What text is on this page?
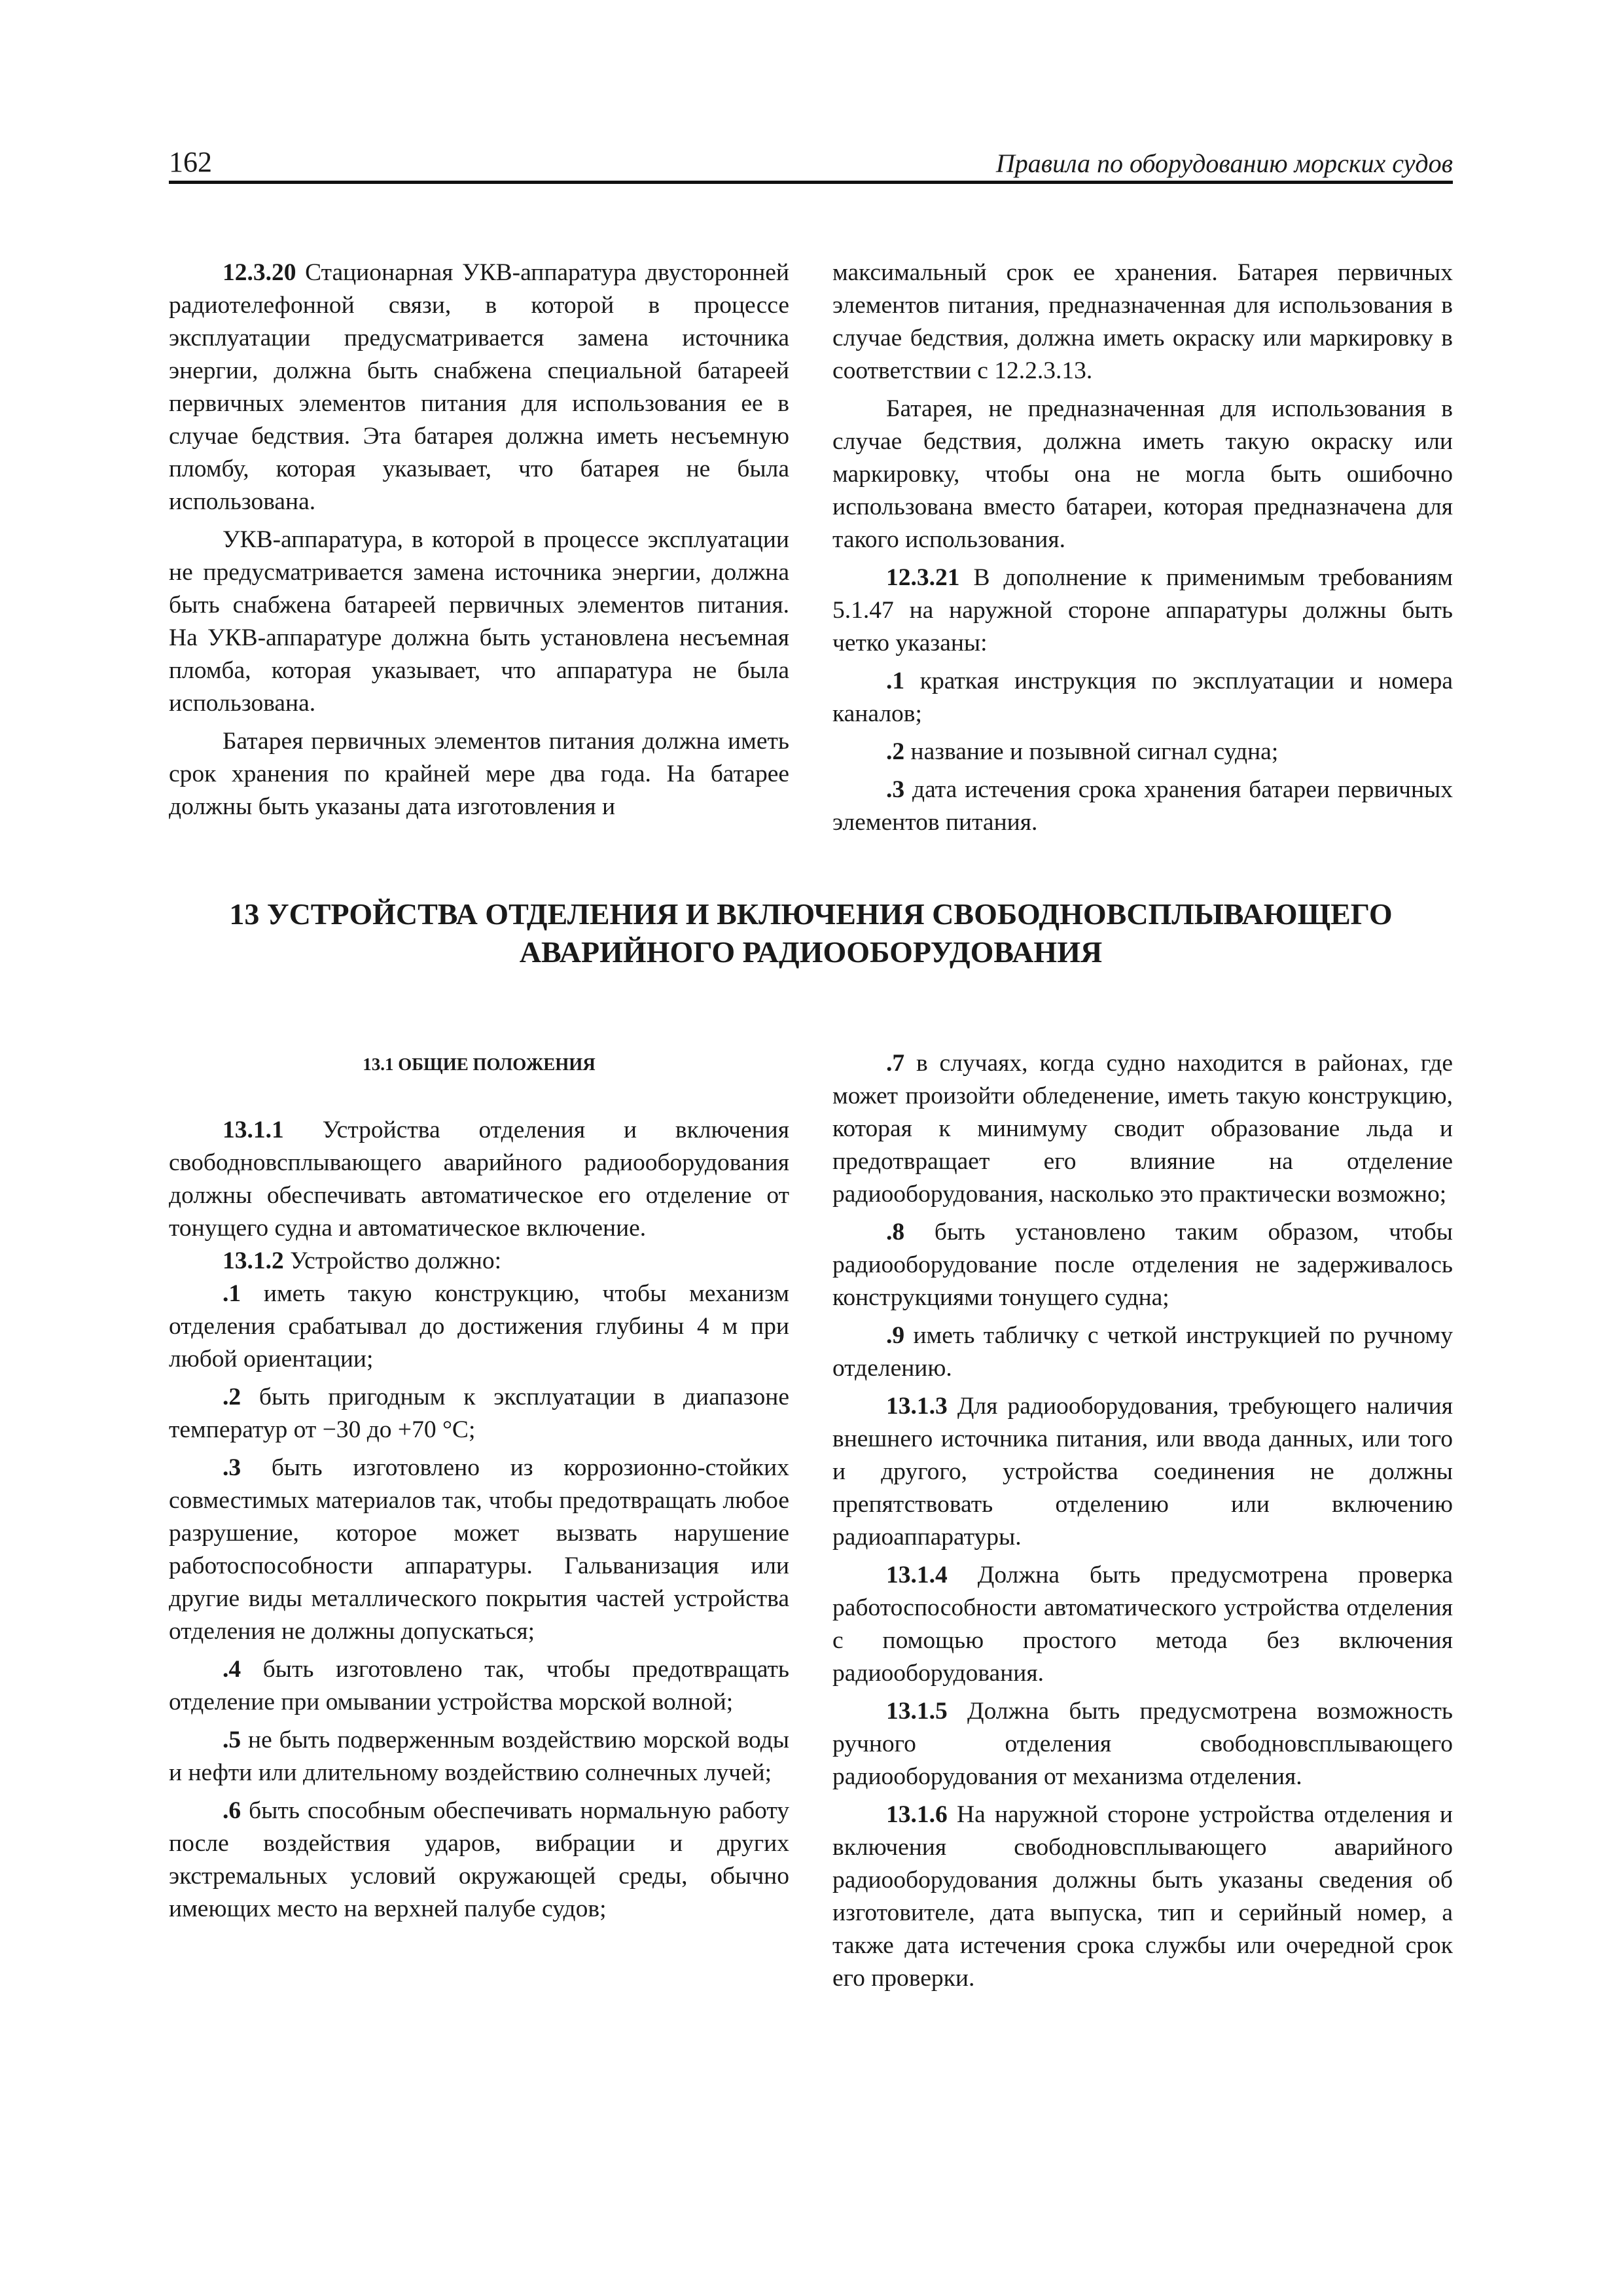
162	Правила по оборудованию морских судов

12.3.20 Стационарная УКВ-аппаратура двусторонней радиотелефонной связи, в которой в процессе эксплуатации предусматривается замена источника энергии, должна быть снабжена специальной батареей первичных элементов питания для использования ее в случае бедствия. Эта батарея должна иметь несъемную пломбу, которая указывает, что батарея не была использована.

УКВ-аппаратура, в которой в процессе эксплуатации не предусматривается замена источника энергии, должна быть снабжена батареей первичных элементов питания. На УКВ-аппаратуре должна быть установлена несъемная пломба, которая указывает, что аппаратура не была использована.

Батарея первичных элементов питания должна иметь срок хранения по крайней мере два года. На батарее должны быть указаны дата изготовления и

максимальный срок ее хранения. Батарея первичных элементов питания, предназначенная для использования в случае бедствия, должна иметь окраску или маркировку в соответствии с 12.2.3.13.

Батарея, не предназначенная для использования в случае бедствия, должна иметь такую окраску или маркировку, чтобы она не могла быть ошибочно использована вместо батареи, которая предназначена для такого использования.

12.3.21 В дополнение к применимым требованиям 5.1.47 на наружной стороне аппаратуры должны быть четко указаны:

.1 краткая инструкция по эксплуатации и номера каналов;

.2 название и позывной сигнал судна;

.3 дата истечения срока хранения батареи первичных элементов питания.

13 УСТРОЙСТВА ОТДЕЛЕНИЯ И ВКЛЮЧЕНИЯ СВОБОДНОВСПЛЫВАЮЩЕГО
АВАРИЙНОГО РАДИООБОРУДОВАНИЯ
13.1 ОБЩИЕ ПОЛОЖЕНИЯ

13.1.1 Устройства отделения и включения свободновсплывающего аварийного радиооборудования должны обеспечивать автоматическое его отделение от тонущего судна и автоматическое включение.

13.1.2 Устройство должно:

.1 иметь такую конструкцию, чтобы механизм отделения срабатывал до достижения глубины 4 м при любой ориентации;

.2 быть пригодным к эксплуатации в диапазоне температур от −30 до +70 °С;

.3 быть изготовлено из коррозионно-стойких совместимых материалов так, чтобы предотвращать любое разрушение, которое может вызвать нарушение работоспособности аппаратуры. Гальванизация или другие виды металлического покрытия частей устройства отделения не должны допускаться;

.4 быть изготовлено так, чтобы предотвращать отделение при омывании устройства морской волной;

.5 не быть подверженным воздействию морской воды и нефти или длительному воздействию солнечных лучей;

.6 быть способным обеспечивать нормальную работу после воздействия ударов, вибрации и других экстремальных условий окружающей среды, обычно имеющих место на верхней палубе судов;

.7 в случаях, когда судно находится в районах, где может произойти обледенение, иметь такую конструкцию, которая к минимуму сводит образование льда и предотвращает его влияние на отделение радиооборудования, насколько это практически возможно;

.8 быть установлено таким образом, чтобы радиооборудование после отделения не задерживалось конструкциями тонущего судна;

.9 иметь табличку с четкой инструкцией по ручному отделению.

13.1.3 Для радиооборудования, требующего наличия внешнего источника питания, или ввода данных, или того и другого, устройства соединения не должны препятствовать отделению или включению радиоаппаратуры.

13.1.4 Должна быть предусмотрена проверка работоспособности автоматического устройства отделения с помощью простого метода без включения радиооборудования.

13.1.5 Должна быть предусмотрена возможность ручного отделения свободновсплывающего радиооборудования от механизма отделения.

13.1.6 На наружной стороне устройства отделения и включения свободновсплывающего аварийного радиооборудования должны быть указаны сведения об изготовителе, дата выпуска, тип и серийный номер, а также дата истечения срока службы или очередной срок его проверки.
